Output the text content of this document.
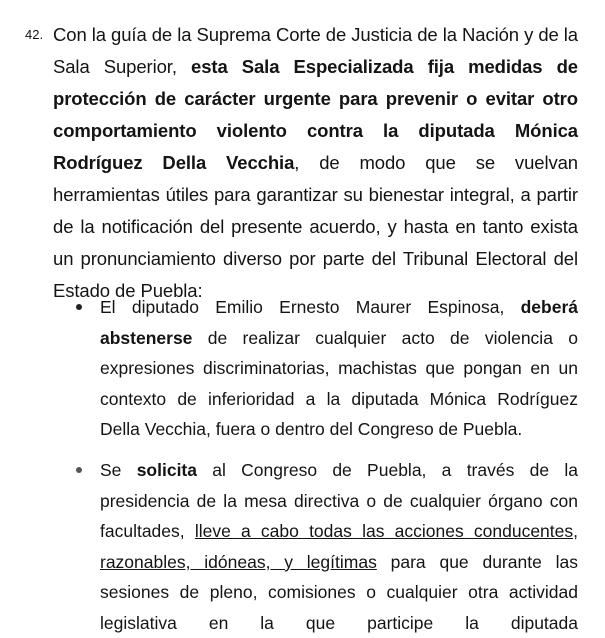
42. Con la guía de la Suprema Corte de Justicia de la Nación y de la Sala Superior, esta Sala Especializada fija medidas de protección de carácter urgente para prevenir o evitar otro comportamiento violento contra la diputada Mónica Rodríguez Della Vecchia, de modo que se vuelvan herramientas útiles para garantizar su bienestar integral, a partir de la notificación del presente acuerdo, y hasta en tanto exista un pronunciamiento diverso por parte del Tribunal Electoral del Estado de Puebla:
El diputado Emilio Ernesto Maurer Espinosa, deberá abstenerse de realizar cualquier acto de violencia o expresiones discriminatorias, machistas que pongan en un contexto de inferioridad a la diputada Mónica Rodríguez Della Vecchia, fuera o dentro del Congreso de Puebla.
Se solicita al Congreso de Puebla, a través de la presidencia de la mesa directiva o de cualquier órgano con facultades, lleve a cabo todas las acciones conducentes, razonables, idóneas, y legítimas para que durante las sesiones de pleno, comisiones o cualquier otra actividad legislativa en la que participe la diputada
